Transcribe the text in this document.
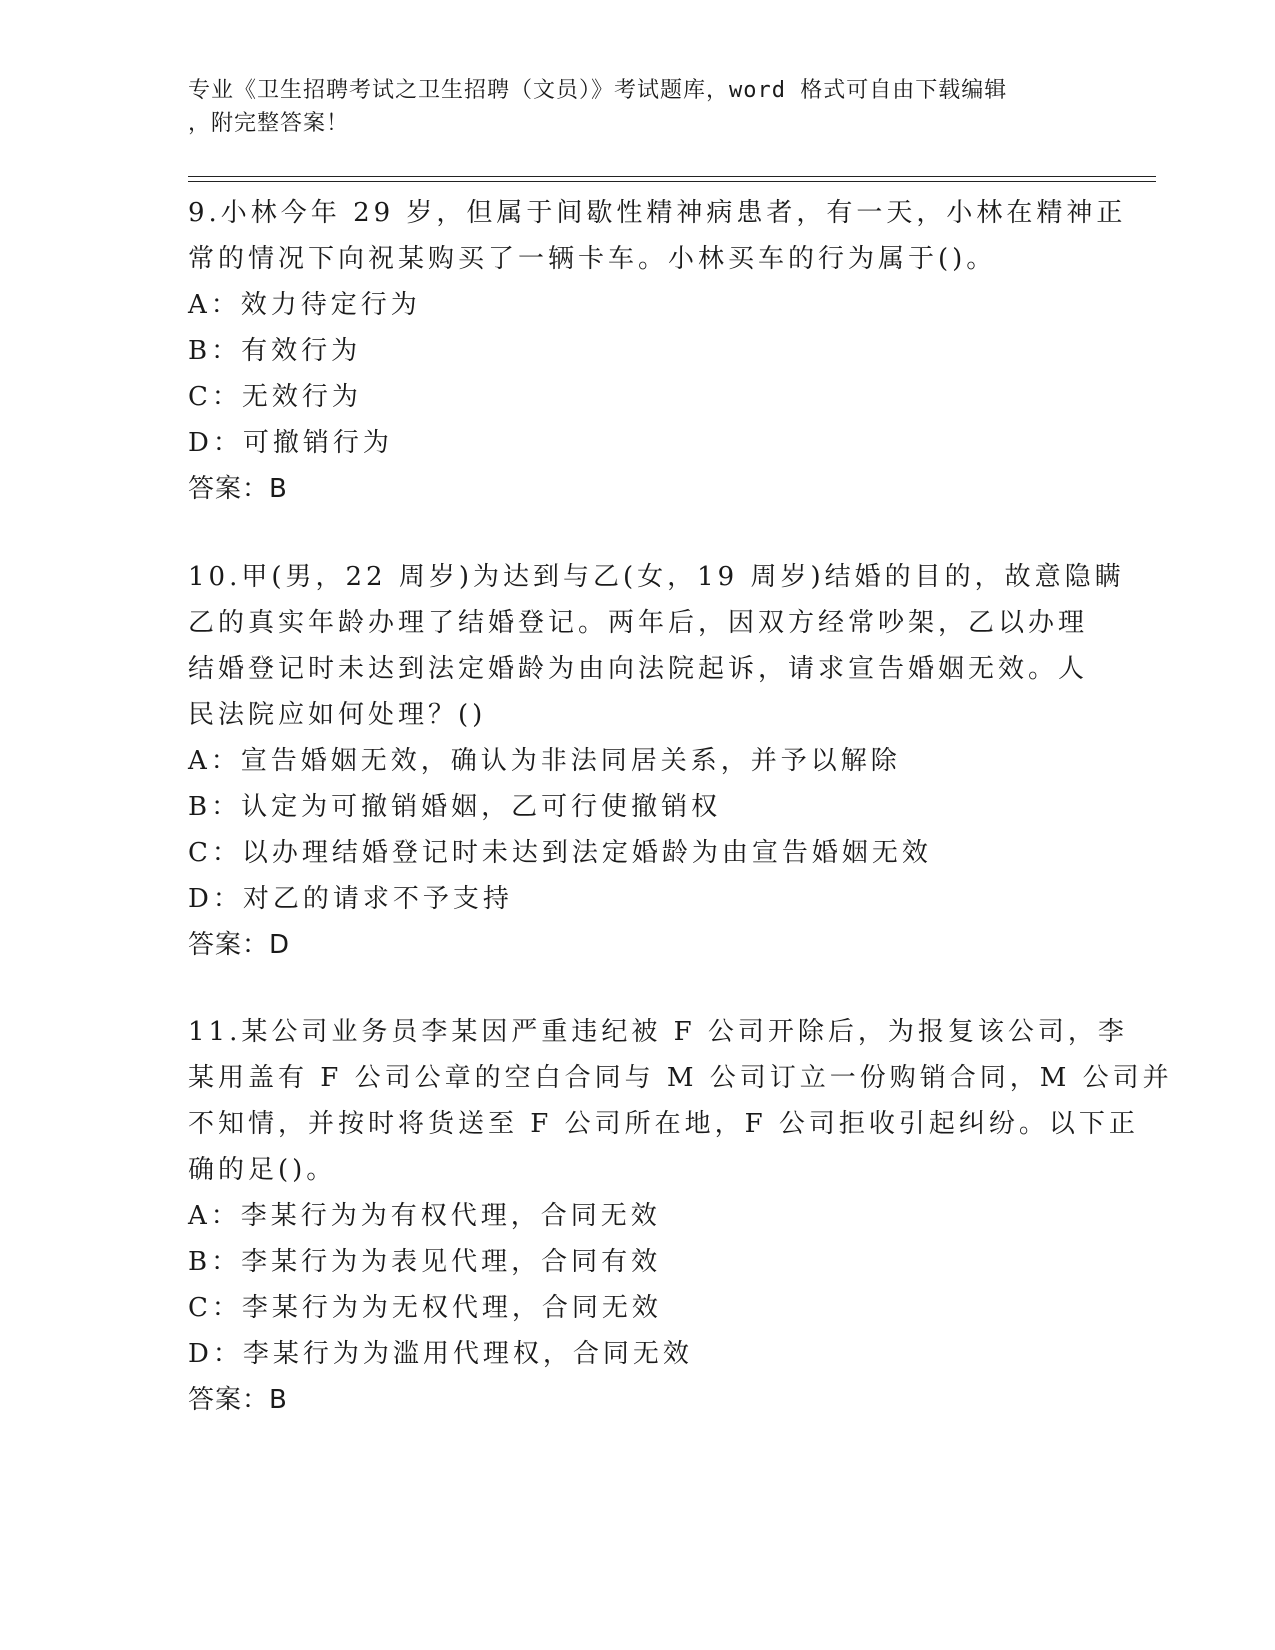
专业《卫生招聘考试之卫生招聘（文员）》考试题库，word 格式可自由下载编辑
，附完整答案！
9.小林今年 29 岁，但属于间歇性精神病患者，有一天，小林在精神正
常的情况下向祝某购买了一辆卡车。小林买车的行为属于()。
A：效力待定行为
B：有效行为
C：无效行为
D：可撤销行为
答案：B
10.甲(男，22 周岁)为达到与乙(女，19 周岁)结婚的目的，故意隐瞒
乙的真实年龄办理了结婚登记。两年后，因双方经常吵架，乙以办理
结婚登记时未达到法定婚龄为由向法院起诉，请求宣告婚姻无效。人
民法院应如何处理？()
A：宣告婚姻无效，确认为非法同居关系，并予以解除
B：认定为可撤销婚姻，乙可行使撤销权
C：以办理结婚登记时未达到法定婚龄为由宣告婚姻无效
D：对乙的请求不予支持
答案：D
11.某公司业务员李某因严重违纪被 F 公司开除后，为报复该公司，李
某用盖有 F 公司公章的空白合同与 M 公司订立一份购销合同，M 公司并
不知情，并按时将货送至 F 公司所在地，F 公司拒收引起纠纷。以下正
确的足()。
A：李某行为为有权代理，合同无效
B：李某行为为表见代理，合同有效
C：李某行为为无权代理，合同无效
D：李某行为为滥用代理权，合同无效
答案：B
